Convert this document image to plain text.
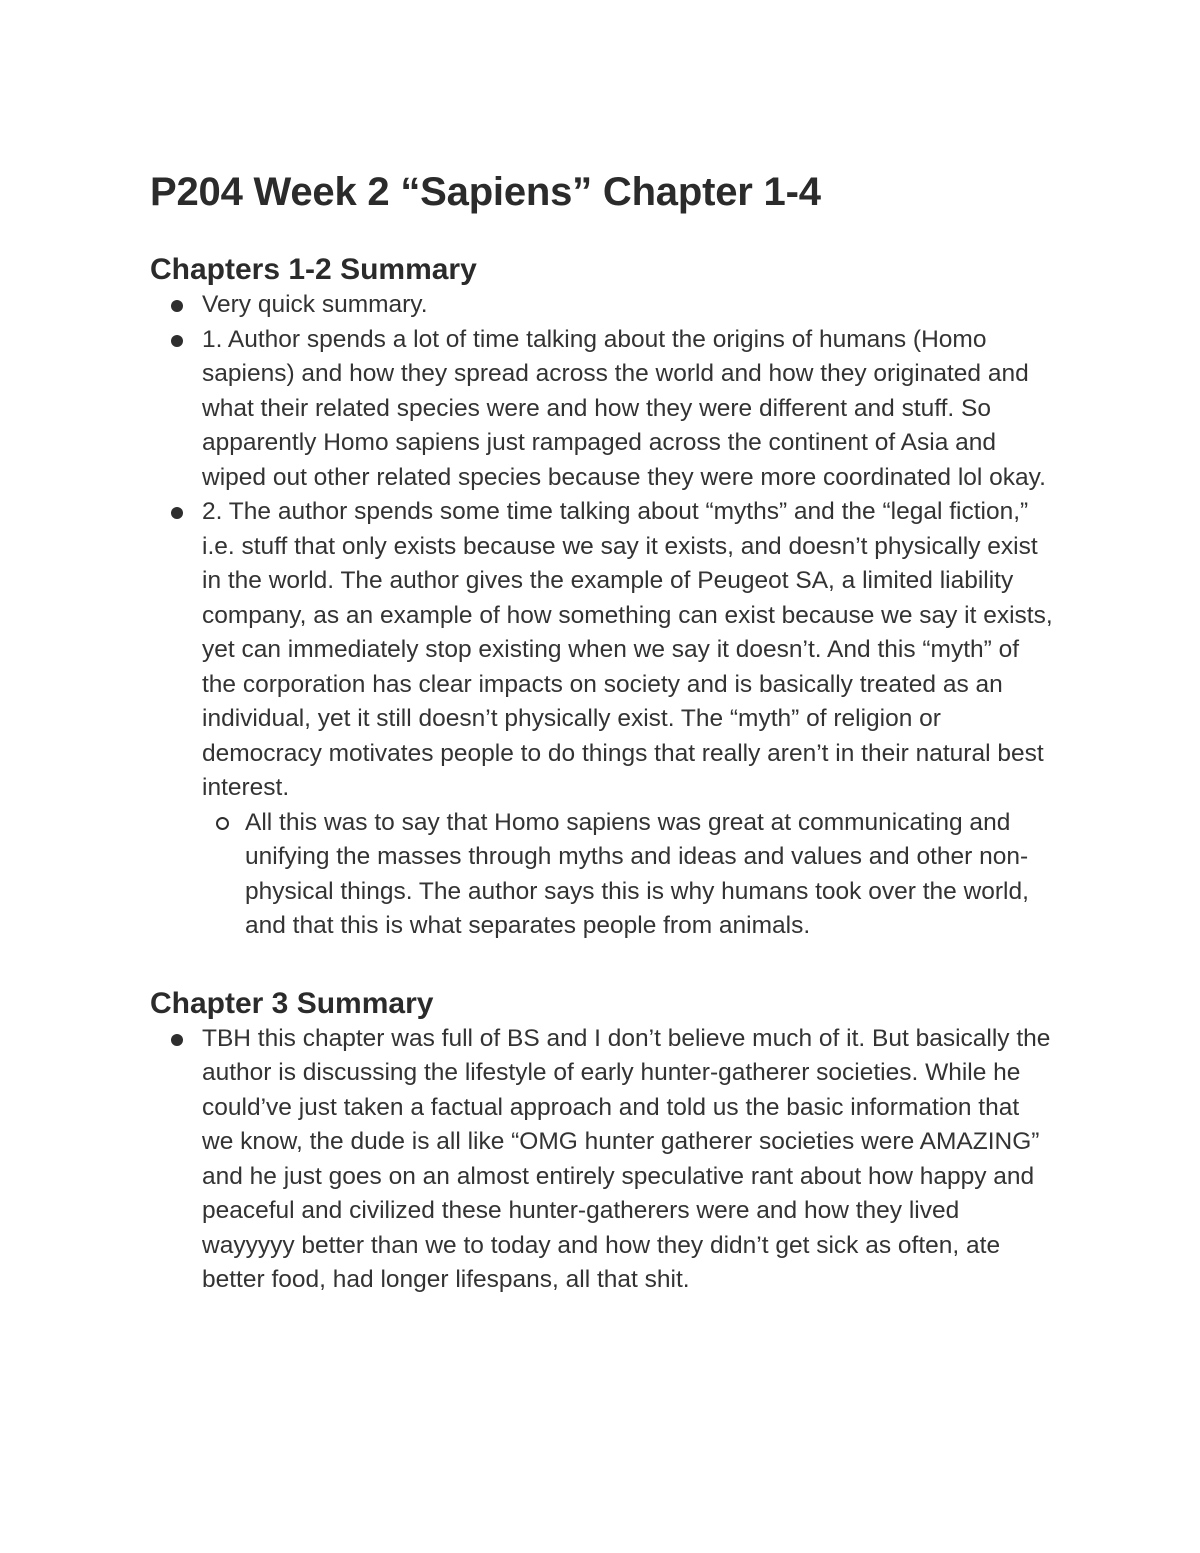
P204 Week 2 “Sapiens” Chapter 1-4
Chapters 1-2 Summary
Very quick summary.
1. Author spends a lot of time talking about the origins of humans (Homo sapiens) and how they spread across the world and how they originated and what their related species were and how they were different and stuff. So apparently Homo sapiens just rampaged across the continent of Asia and wiped out other related species because they were more coordinated lol okay.
2. The author spends some time talking about “myths” and the “legal fiction,” i.e. stuff that only exists because we say it exists, and doesn’t physically exist in the world. The author gives the example of Peugeot SA, a limited liability company, as an example of how something can exist because we say it exists, yet can immediately stop existing when we say it doesn’t. And this “myth” of the corporation has clear impacts on society and is basically treated as an individual, yet it still doesn’t physically exist. The “myth” of religion or democracy motivates people to do things that really aren’t in their natural best interest.
All this was to say that Homo sapiens was great at communicating and unifying the masses through myths and ideas and values and other non-physical things. The author says this is why humans took over the world, and that this is what separates people from animals.
Chapter 3 Summary
TBH this chapter was full of BS and I don’t believe much of it. But basically the author is discussing the lifestyle of early hunter-gatherer societies. While he could’ve just taken a factual approach and told us the basic information that we know, the dude is all like “OMG hunter gatherer societies were AMAZING” and he just goes on an almost entirely speculative rant about how happy and peaceful and civilized these hunter-gatherers were and how they lived wayyyyy better than we to today and how they didn’t get sick as often, ate better food, had longer lifespans, all that shit.
